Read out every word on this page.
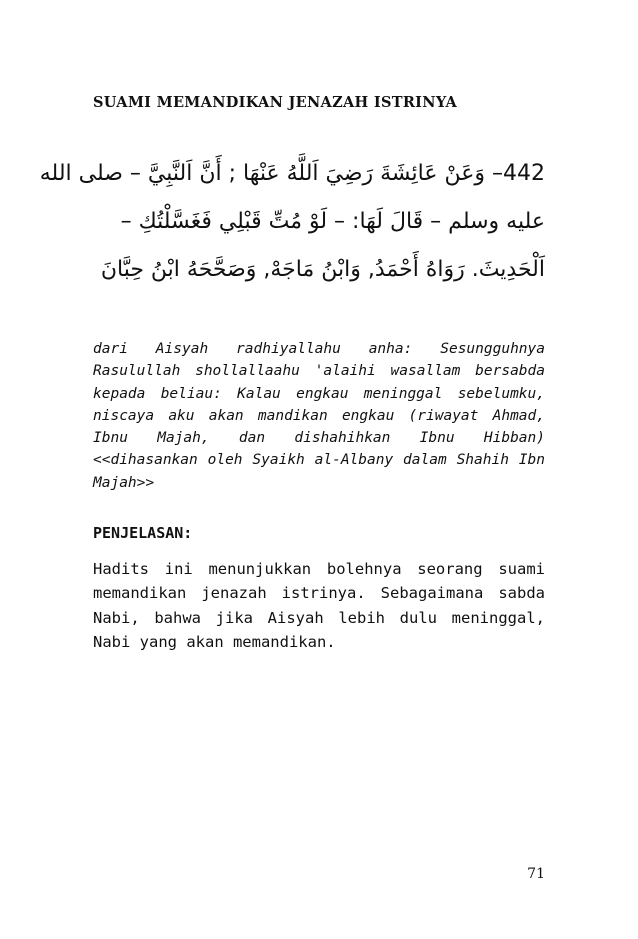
SUAMI MEMANDIKAN JENAZAH ISTRINYA
442– وَعَنْ عَائِشَةَ رَضِيَ اَللَّهُ عَنْهَا ; أَنَّ اَلنَّبِيَّ – صلى الله
عليه وسلم – قَالَ لَهَا: – لَوْ مُتِّ قَبْلِي فَغَسَّلْتُكِ –
اَلْحَدِيثَ. رَوَاهُ أَحْمَدُ, وَابْنُ مَاجَهْ, وَصَحَّحَهُ ابْنُ حِبَّانَ
dari Aisyah radhiyallahu anha: Sesungguhnya Rasulullah shollallaahu 'alaihi wasallam bersabda kepada beliau: Kalau engkau meninggal sebelumku, niscaya aku akan mandikan engkau (riwayat Ahmad, Ibnu Majah, dan dishahihkan Ibnu Hibban)<<dihasankan oleh Syaikh al-Albany dalam Shahih Ibn Majah>>
PENJELASAN:
Hadits ini menunjukkan bolehnya seorang suami memandikan jenazah istrinya. Sebagaimana sabda Nabi, bahwa jika Aisyah lebih dulu meninggal, Nabi yang akan memandikan.
71
